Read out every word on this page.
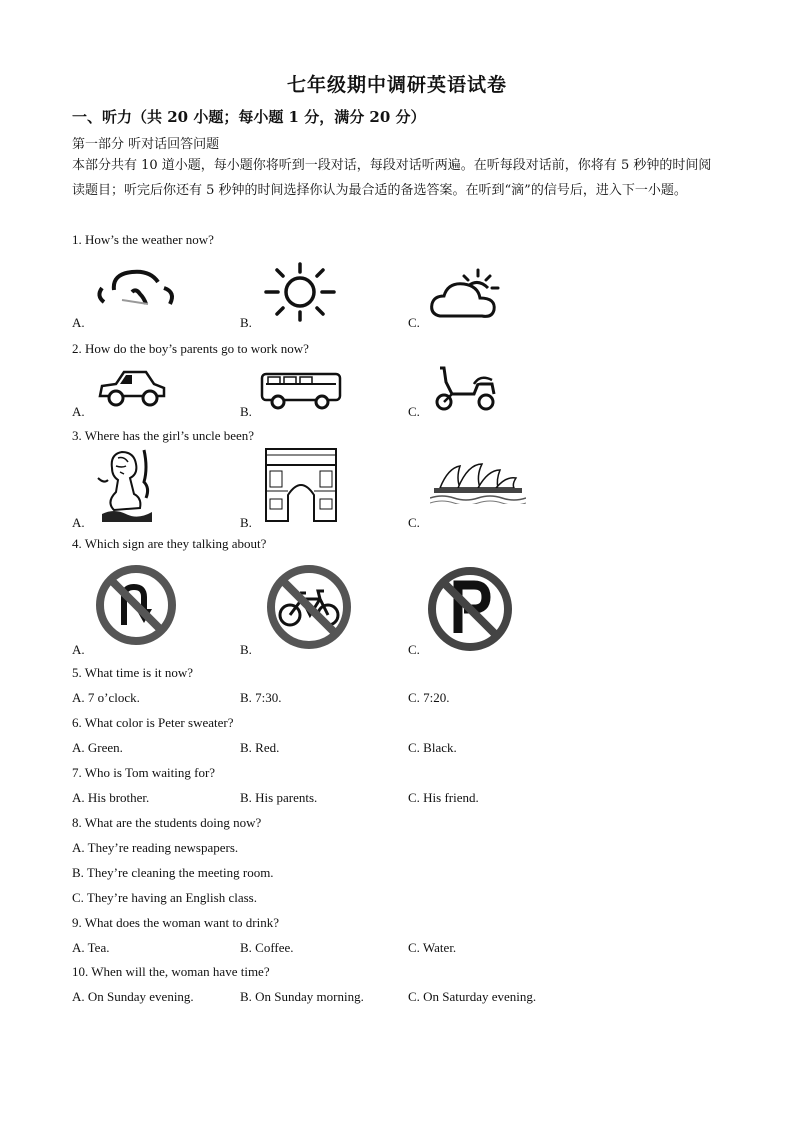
七年级期中调研英语试卷
一、听力（共 20 小题；每小题 1 分，满分 20 分）
第一部分 听对话回答问题
本部分共有 10 道小题，每小题你将听到一段对话，每段对话听两遍。在听每段对话前，你将有 5 秒钟的时间阅读题目；听完后你还有 5 秒钟的时间选择你认为最合适的备选答案。在听到“滴”的信号后，进入下一小题。
1. How’s the weather now?
A.	B.	C.
2. How do the boy’s parents go to work now?
A.	B.	C.
3. Where has the girl’s uncle been?
A.	B.	C.
4. Which sign are they talking about?
A.	B.	C.
5. What time is it now?
A. 7 o’clock.	B. 7:30.	C. 7:20.
6. What color is Peter sweater?
A. Green.	B. Red.	C. Black.
7. Who is Tom waiting for?
A. His brother.	B. His parents.	C. His friend.
8. What are the students doing now?
A. They’re reading newspapers.
B. They’re cleaning the meeting room.
C. They’re having an English class.
9. What does the woman want to drink?
A. Tea.	B. Coffee.	C. Water.
10. When will the, woman have time?
A. On Sunday evening.	B. On Sunday morning.	C. On Saturday evening.
